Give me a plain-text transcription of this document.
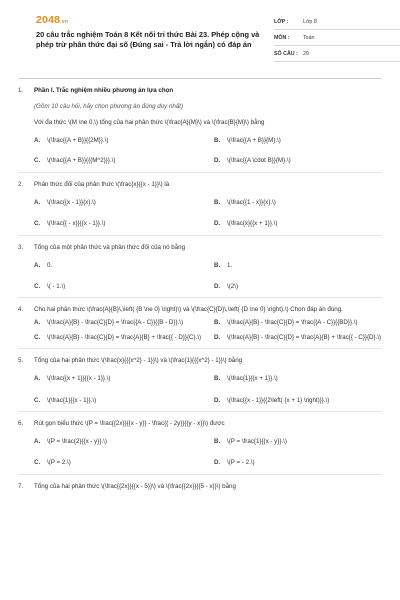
2048.vn
20 câu trắc nghiệm Toán 8 Kết nối tri thức Bài 23. Phép cộng và phép trừ phân thức đại số (Đúng sai - Trả lời ngắn) có đáp án
LỚP :	Lớp 8
MÔN :	Toán
SỐ CÂU : 20
1.	Phần I. Trắc nghiệm nhiều phương án lựa chọn
(Gồm 10 câu hỏi, hãy chọn phương án đúng duy nhất)
Với đa thức \(M \ne 0,\) tổng của hai phân thức \(\frac{A}{M}\) và \(\frac{B}{M}\) bằng
A.	\(\frac{{A + B}}{{2M}}.\)	B.	\(\frac{{A + B}}{M}.\)
C.	\(\frac{{A + B}}{{{M^2}}}.\)	D.	\(\frac{{A \cdot B}}{M}.\)
2.	Phân thức đối của phân thức \(\frac{x}{{x - 1}}\) là
A.	\(\frac{{x - 1}}{x}.\)	B.	\(\frac{{1 - x}}{x}.\)
C.	\(\frac{{ - x}}{{x - 1}}.\)	D.	\(\frac{x}{{x + 1}}.\)
3.	Tổng của một phân thức và phân thức đối của nó bằng
A.	0.	B.	1.
C.	\( - 1.\)	D.	\(2\)
4.	Cho hai phân thức \(\frac{A}{B}\,\left( {B \ne 0} \right)\) và \(\frac{C}{D}\,\left( {D \ne 0} \right).\) Chọn đáp án đúng.
A.	\(\frac{A}{B} - \frac{C}{D} = \frac{{A - C}}{{B - D}}.\)	B.	\(\frac{A}{B} - \frac{C}{D} = \frac{{A - C}}{{BD}}.\)
C.	\(\frac{A}{B} - \frac{C}{D} = \frac{A}{B} + \frac{{ - D}}{C}.\) D.	\(\frac{A}{B} - \frac{C}{D} = \frac{A}{B} + \frac{{ - C}}{D}.\)
5.	Tổng của hai phân thức \(\frac{x}{{{x^2} - 1}}\) và \(\frac{1}{{{x^2} - 1}}\) bằng
A.	\(\frac{{x + 1}}{{x - 1}}.\)	B.	\(\frac{1}{{x + 1}}.\)
C.	\(\frac{1}{{x - 1}}.\)	D.	\(\frac{{x - 1}}{{2\left( {x + 1} \right)}}.\)
6.	Rút gọn biểu thức \(P = \frac{{2x}}{{x - y}} - \frac{{ - 2y}}{{y - x}}\) được
A.	\(P = \frac{2}{{x - y}}.\)	B.	\(P = \frac{1}{{x - y}}.\)
C.	\(P = 2.\)	D.	\(P = - 2.\)
7.	Tổng của hai phân thức \(\frac{{2x}}{{x - 5}}\) và \(\frac{{2x}}{{5 - x}}\) bằng
